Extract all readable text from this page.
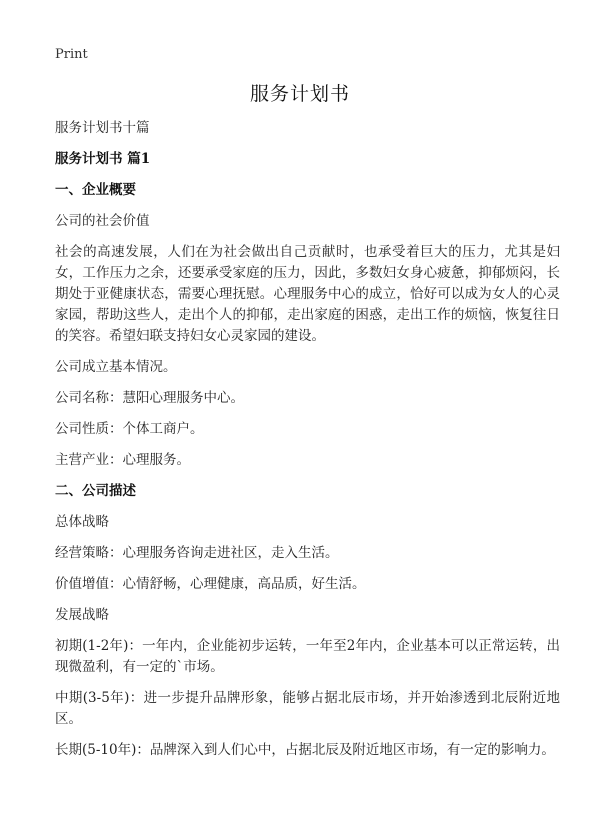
Print
服务计划书

服务计划书十篇

服务计划书 篇1

一、企业概要

公司的社会价值

社会的高速发展，人们在为社会做出自己贡献时，也承受着巨大的压力，尤其是妇女，工作压力之余，还要承受家庭的压力，因此，多数妇女身心疲惫，抑郁烦闷，长期处于亚健康状态，需要心理抚慰。心理服务中心的成立，恰好可以成为女人的心灵家园，帮助这些人，走出个人的抑郁，走出家庭的困惑，走出工作的烦恼，恢复往日的笑容。希望妇联支持妇女心灵家园的建设。

公司成立基本情况。

公司名称：慧阳心理服务中心。

公司性质：个体工商户。

主营产业：心理服务。

二、公司描述

总体战略

经营策略：心理服务咨询走进社区，走入生活。

价值增值：心情舒畅，心理健康，高品质，好生活。

发展战略

初期(1-2年)：一年内，企业能初步运转，一年至2年内，企业基本可以正常运转，出现微盈利，有一定的`市场。

中期(3-5年)：进一步提升品牌形象，能够占据北辰市场，并开始渗透到北辰附近地区。

长期(5-10年)：品牌深入到人们心中，占据北辰及附近地区市场，有一定的影响力。
